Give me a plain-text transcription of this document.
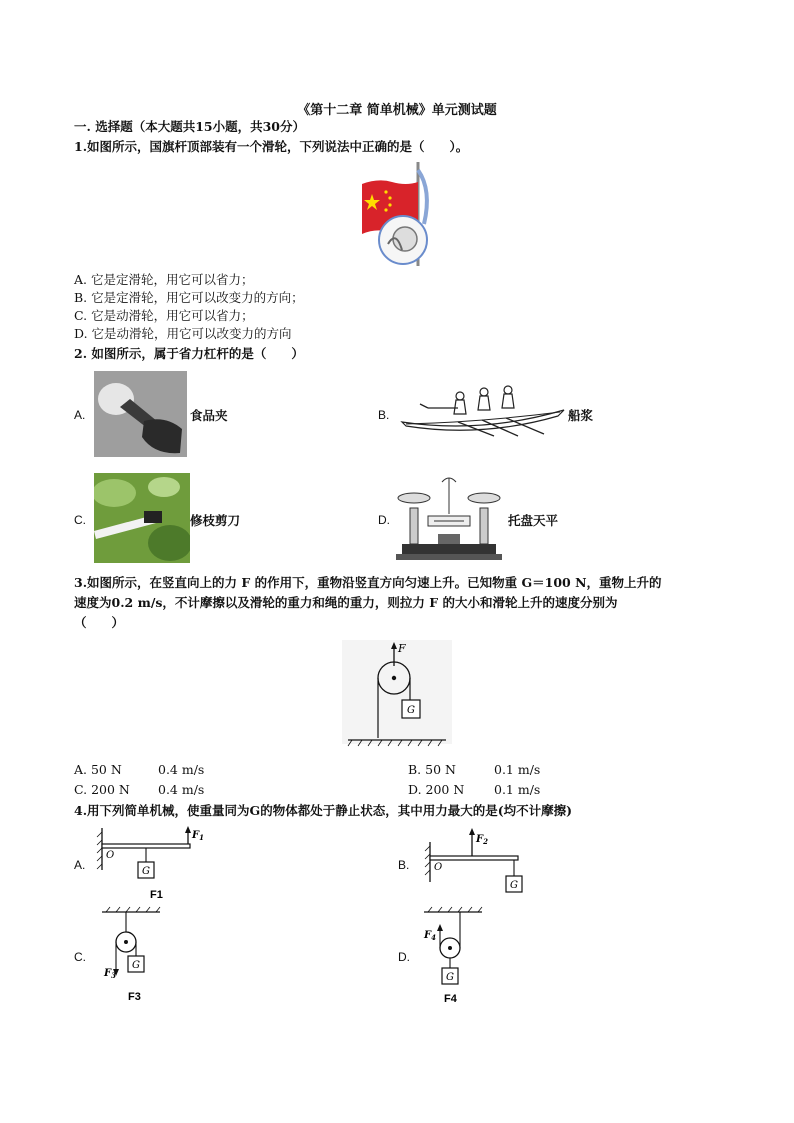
《第十二章 简单机械》单元测试题
一. 选择题（本大题共15小题，共30分）
1.如图所示，国旗杆顶部装有一个滑轮，下列说法中正确的是（　　）。
A. 它是定滑轮，用它可以省力；
B. 它是定滑轮，用它可以改变力的方向；
C. 它是动滑轮，用它可以省力；
D. 它是动滑轮，用它可以改变力的方向
2. 如图所示，属于省力杠杆的是（　　）
A.	食品夹	B.	船浆
C.	修枝剪刀	D.	托盘天平
3.如图所示，在竖直向上的力 F 的作用下，重物沿竖直方向匀速上升。已知物重 G＝100 N，重物上升的
速度为0.2 m/s，不计摩擦以及滑轮的重力和绳的重力，则拉力 F 的大小和滑轮上升的速度分别为
（　　）
F
G
A. 50 N	0.4 m/s	B. 50 N	0.1 m/s
C. 200 N 0.4 m/s	D. 200 N 0.1 m/s
4.用下列简单机械，使重量同为G的物体都处于静止状态，其中用力最大的是(均不计摩擦)
A.
O
$F_1$
G
F1
B. O
$F_2$
G
C.
$F_3$
G
F3
D.
$F_4$
G
F4
